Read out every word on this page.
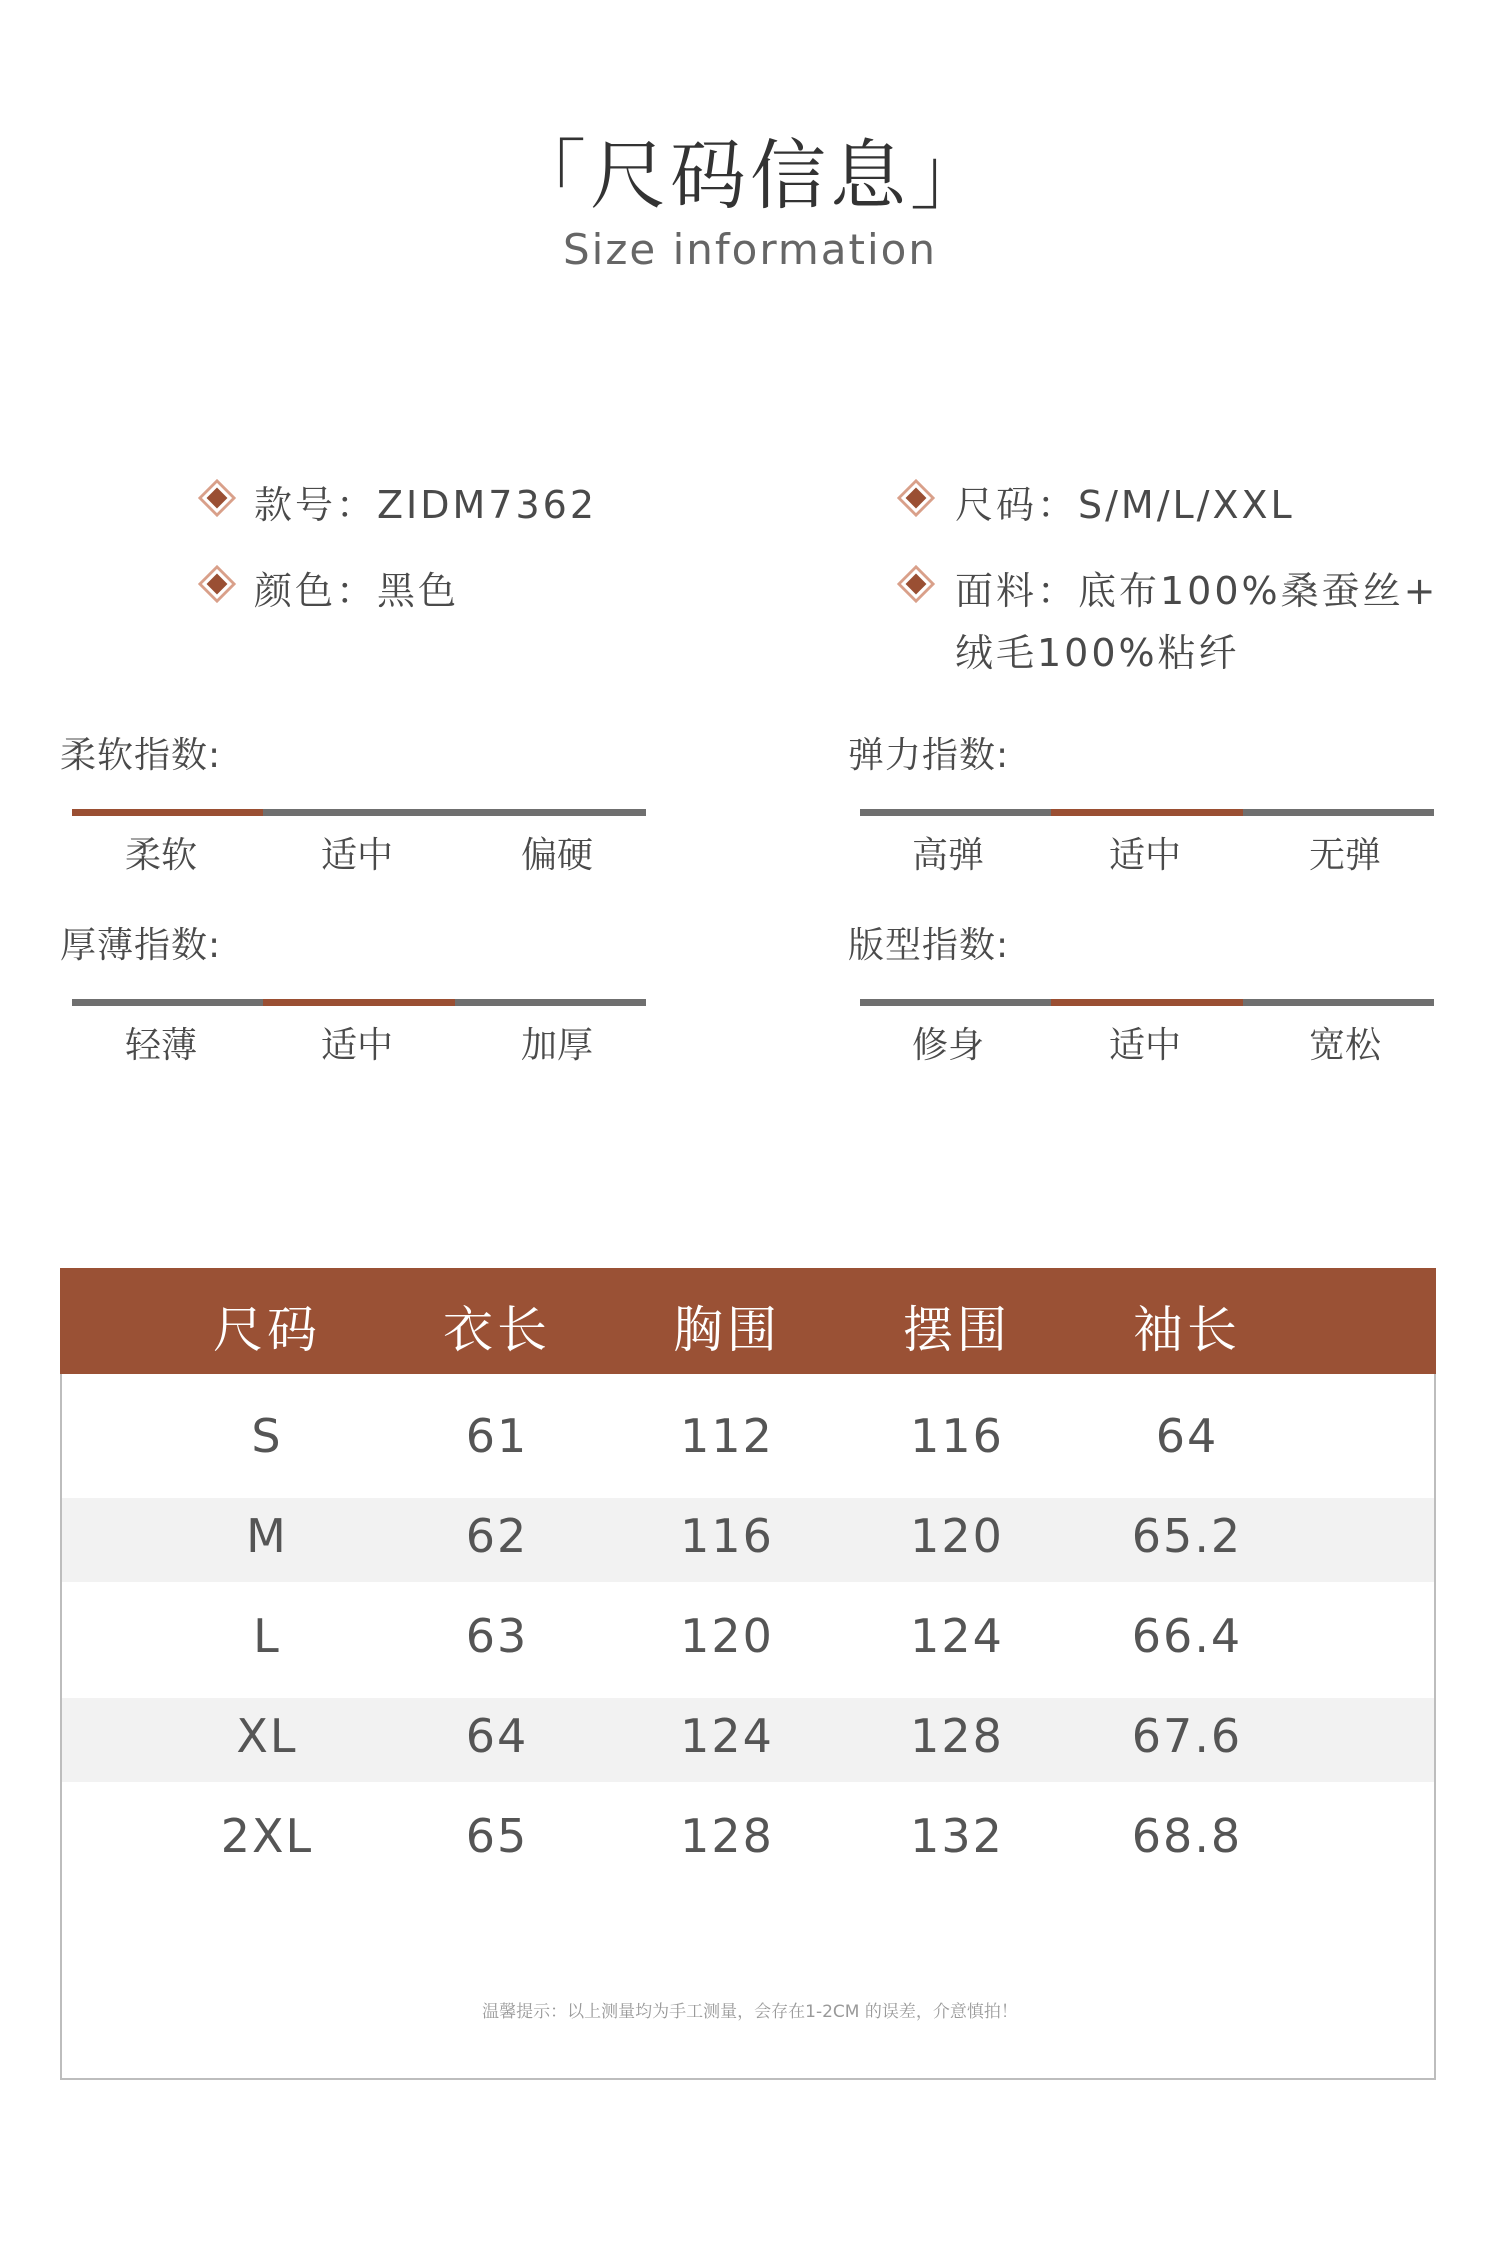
「尺码信息」
Size information
款号：ZIDM7362
颜色：黑色
尺码：S/M/L/XXL
面料：底布100%桑蚕丝+
绒毛100%粘纤
柔软指数:
柔软	适中	偏硬
弹力指数:
高弹	适中	无弹
厚薄指数:
轻薄	适中	加厚
版型指数:
修身	适中	宽松
尺码	衣长	胸围	摆围	袖长
S	61	112	116	64
M	62	116	120	65.2
L	63	120	124	66.4
XL	64	124	128	67.6
2XL	65	128	132	68.8
温馨提示：以上测量均为手工测量，会存在1-2CM 的误差，介意慎拍！
